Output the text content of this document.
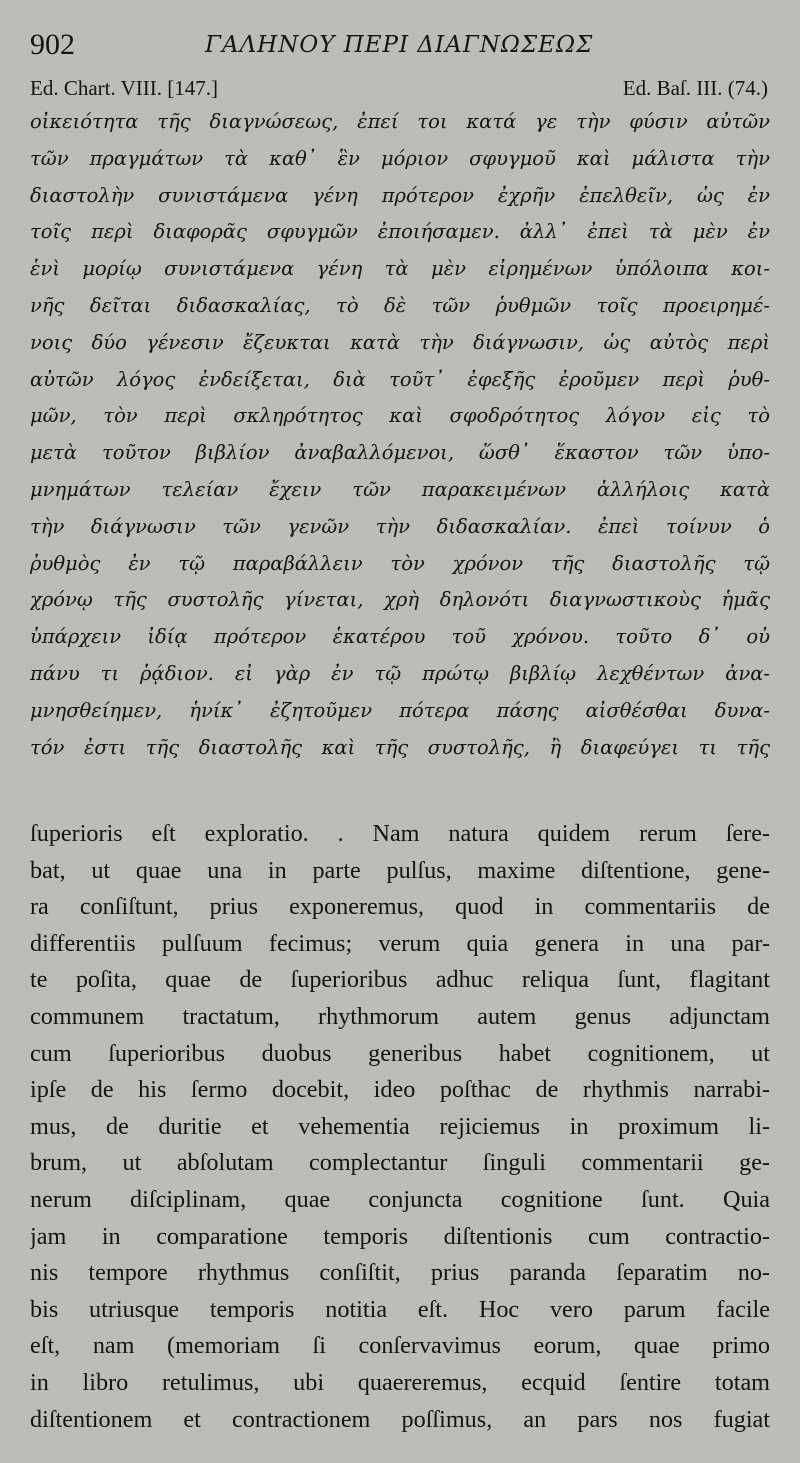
902	ΓΑΛΗΝΟΥ ΠΕΡΙ ΔΙΑΓΝΩΣΕΩΣ
Ed. Chart. VIII. [147.]	Ed. Baſ. III. (74.)
οἰκειότητα τῆς διαγνώσεως, ἐπεί τοι κατά γε τὴν φύσιν αὐτῶν
τῶν πραγμάτων τὰ καθ᾽ ἓν μόριον σφυγμοῦ καὶ μάλιστα τὴν
διαστολὴν συνιστάμενα γένη πρότερον ἐχρῆν ἐπελθεῖν, ὡς ἐν
τοῖς περὶ διαφορᾶς σφυγμῶν ἐποιήσαμεν. ἀλλ᾽ ἐπεὶ τὰ μὲν ἐν
ἑνὶ μορίῳ συνιστάμενα γένη τὰ μὲν εἰρημένων ὑπόλοιπα κοι-
νῆς δεῖται διδασκαλίας, τὸ δὲ τῶν ῥυθμῶν τοῖς προειρημέ-
νοις δύο γένεσιν ἔζευκται κατὰ τὴν διάγνωσιν, ὡς αὐτὸς περὶ
αὐτῶν λόγος ἐνδείξεται, διὰ τοῦτ᾽ ἐφεξῆς ἐροῦμεν περὶ ῥυθ-
μῶν, τὸν περὶ σκληρότητος καὶ σφοδρότητος λόγον εἰς τὸ
μετὰ τοῦτον βιβλίον ἀναβαλλόμενοι, ὥσθ᾽ ἕκαστον τῶν ὑπο-
μνημάτων τελείαν ἔχειν τῶν παρακειμένων ἀλλήλοις κατὰ
τὴν διάγνωσιν τῶν γενῶν τὴν διδασκαλίαν. ἐπεὶ τοίνυν ὁ
ῥυθμὸς ἐν τῷ παραβάλλειν τὸν χρόνον τῆς διαστολῆς τῷ
χρόνῳ τῆς συστολῆς γίνεται, χρὴ δηλονότι διαγνωστικοὺς ἡμᾶς
ὑπάρχειν ἰδίᾳ πρότερον ἑκατέρου τοῦ χρόνου. τοῦτο δ᾽ οὐ
πάνυ τι ῥᾴδιον. εἰ γὰρ ἐν τῷ πρώτῳ βιβλίῳ λεχθέντων ἀνα-
μνησθείημεν, ἡνίκ᾽ ἐζητοῦμεν πότερα πάσης αἰσθέσθαι δυνα-
τόν ἐστι τῆς διαστολῆς καὶ τῆς συστολῆς, ἢ διαφεύγει τι τῆς
ſuperioris eſt exploratio. . Nam natura quidem rerum ſere-
bat, ut quae una in parte pulſus, maxime diſtentione, gene-
ra conſiſtunt, prius exponeremus, quod in commentariis de
differentiis pulſuum fecimus; verum quia genera in una par-
te poſita, quae de ſuperioribus adhuc reliqua ſunt, flagitant
communem tractatum, rhythmorum autem genus adjunctam
cum ſuperioribus duobus generibus habet cognitionem, ut
ipſe de his ſermo docebit, ideo poſthac de rhythmis narrabi-
mus, de duritie et vehementia rejiciemus in proximum li-
brum, ut abſolutam complectantur ſinguli commentarii ge-
nerum diſciplinam, quae conjuncta cognitione ſunt. Quia
jam in comparatione temporis diſtentionis cum contractio-
nis tempore rhythmus conſiſtit, prius paranda ſeparatim no-
bis utriusque temporis notitia eſt. Hoc vero parum facile
eſt, nam (memoriam ſi conſervavimus eorum, quae primo
in libro retulimus, ubi quaereremus, ecquid ſentire totam
diſtentionem et contractionem poſſimus, an pars nos fugiat
